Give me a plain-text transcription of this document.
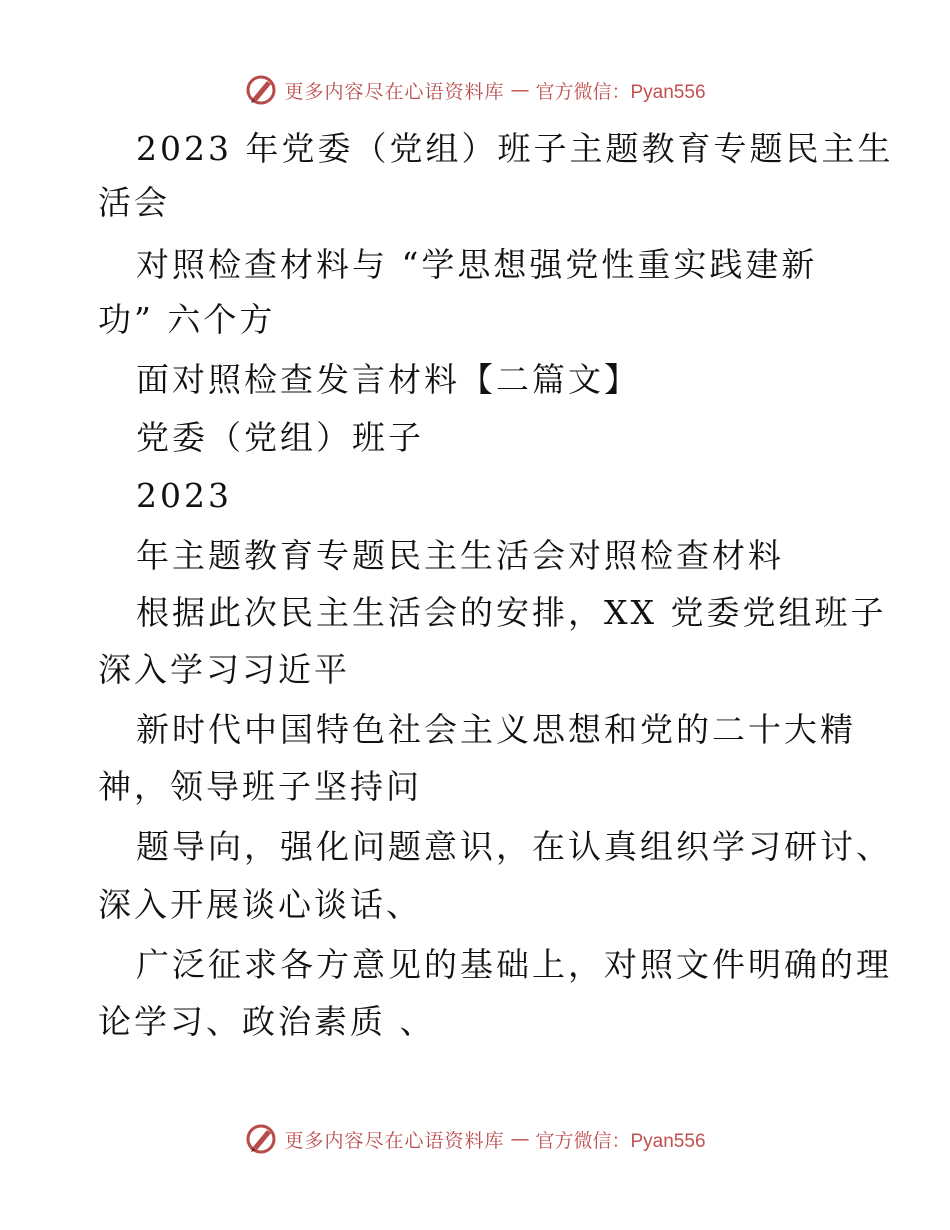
更多内容尽在心语资料库 — 官方微信：Pyan556
2023 年党委（党组）班子主题教育专题民主生
活会
对照检查材料与 “学思想强党性重实践建新
功” 六个方
面对照检查发言材料【二篇文】
党委（党组）班子
2023
年主题教育专题民主生活会对照检查材料
根据此次民主生活会的安排，XX 党委党组班子
深入学习习近平
新时代中国特色社会主义思想和党的二十大精
神，领导班子坚持问
题导向，强化问题意识，在认真组织学习研讨、
深入开展谈心谈话、
广泛征求各方意见的基础上，对照文件明确的理
论学习、政治素质 、
更多内容尽在心语资料库 — 官方微信：Pyan556
